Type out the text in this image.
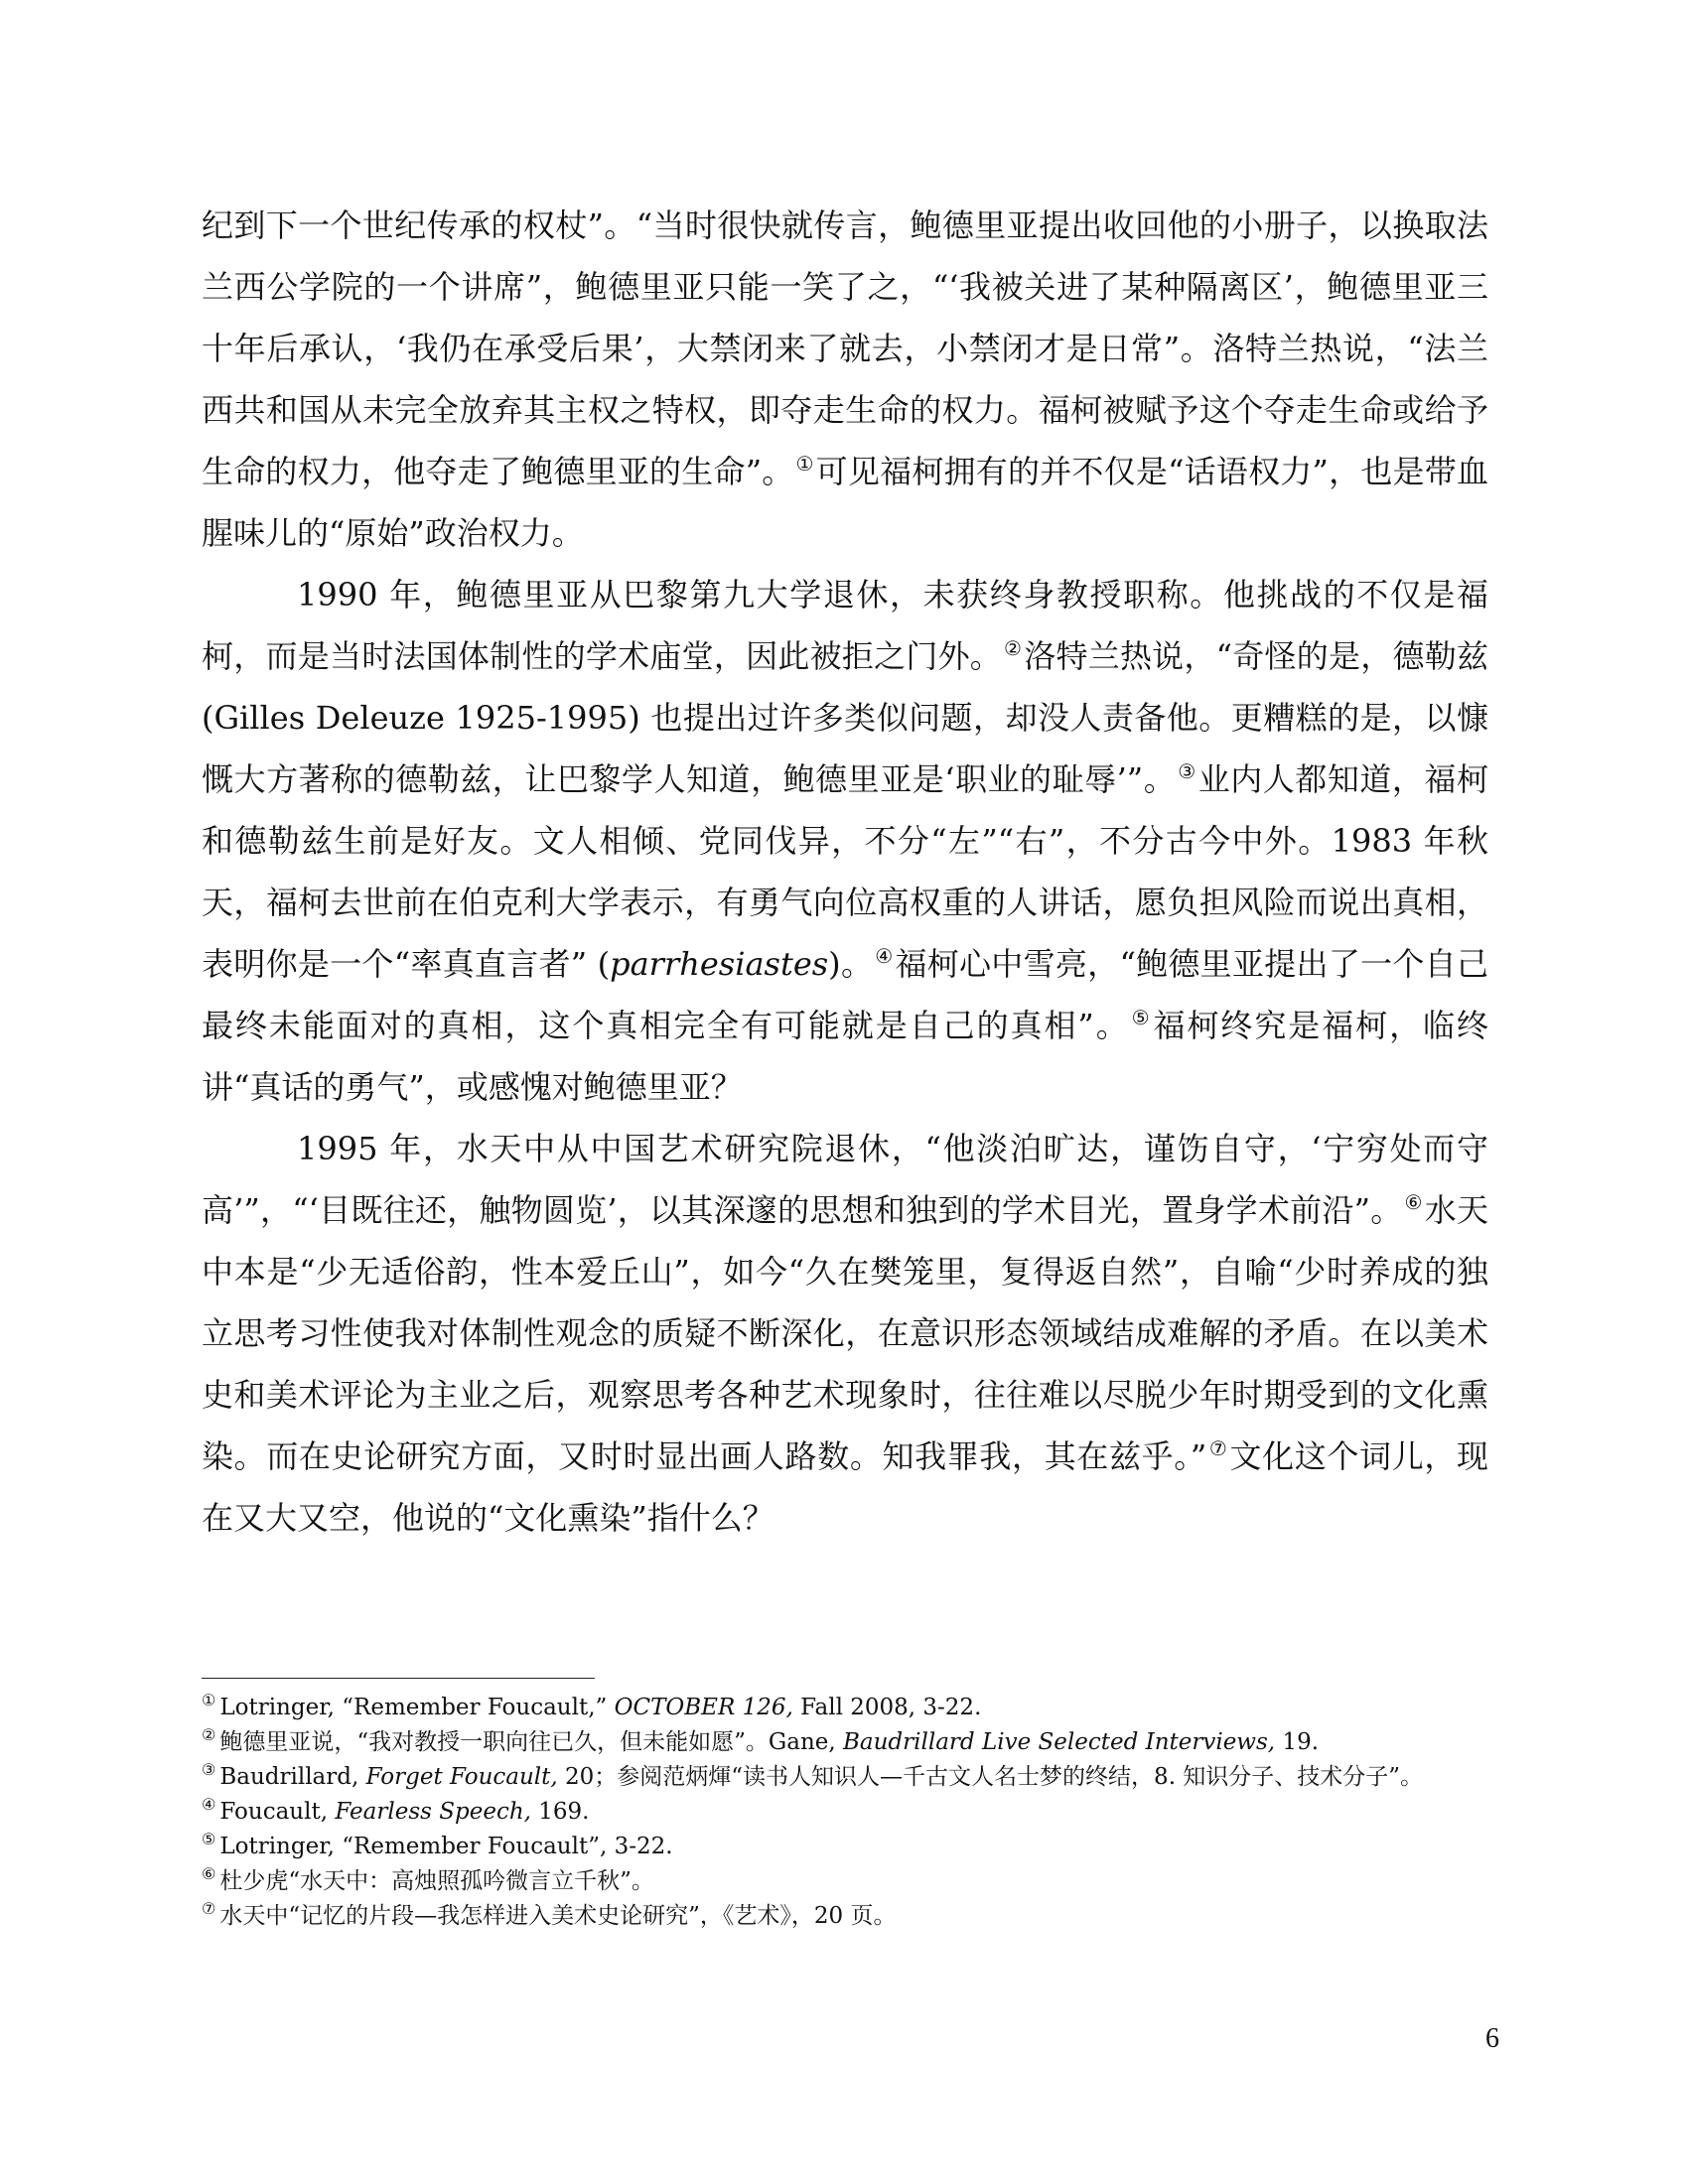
纪到下一个世纪传承的权杖”。“当时很快就传言，鲍德里亚提出收回他的小册子，以换取法兰西公学院的一个讲席”，鲍德里亚只能一笑了之，“‘我被关进了某种隔离区’，鲍德里亚三十年后承认，‘我仍在承受后果’，大禁闭来了就去，小禁闭才是日常”。洛特兰热说，“法兰西共和国从未完全放弃其主权之特权，即夺走生命的权力。福柯被赋予这个夺走生命或给予生命的权力，他夺走了鲍德里亚的生命”。 ①可见福柯拥有的并不仅是“话语权力”，也是带血腥味儿的“原始”政治权力。

1990 年，鲍德里亚从巴黎第九大学退休，未获终身教授职称。他挑战的不仅是福柯，而是当时法国体制性的学术庙堂，因此被拒之门外。 ②洛特兰热说，“奇怪的是，德勒兹 (Gilles Deleuze 1925-1995) 也提出过许多类似问题，却没人责备他。更糟糕的是，以慷慨大方著称的德勒兹，让巴黎学人知道，鲍德里亚是‘职业的耻辱’”。 ③业内人都知道，福柯和德勒兹生前是好友。文人相倾、党同伐异，不分“左”“右”，不分古今中外。1983 年秋天，福柯去世前在伯克利大学表示，有勇气向位高权重的人讲话，愿负担风险而说出真相，表明你是一个“率真直言者” (parrhesiastes)。 ④福柯心中雪亮，“鲍德里亚提出了一个自己最终未能面对的真相，这个真相完全有可能就是自己的真相”。 ⑤福柯终究是福柯，临终讲“真话的勇气”，或感愧对鲍德里亚？

1995 年，水天中从中国艺术研究院退休，“他淡泊旷达，谨饬自守，‘宁穷处而守高’”，“‘目既往还，触物圆览’，以其深邃的思想和独到的学术目光，置身学术前沿”。 ⑥水天中本是“少无适俗韵，性本爱丘山”，如今“久在樊笼里，复得返自然”，自喻“少时养成的独立思考习性使我对体制性观念的质疑不断深化，在意识形态领域结成难解的矛盾。在以美术史和美术评论为主业之后，观察思考各种艺术现象时，往往难以尽脱少年时期受到的文化熏染。而在史论研究方面，又时时显出画人路数。知我罪我，其在兹乎。” ⑦文化这个词儿，现在又大又空，他说的“文化熏染”指什么？

① Lotringer, “Remember Foucault,” OCTOBER 126, Fall 2008, 3-22.
② 鲍德里亚说，“我对教授一职向往已久，但未能如愿”。Gane, Baudrillard Live Selected Interviews, 19.
③ Baudrillard, Forget Foucault, 20；参阅范炳煇“读书人知识人—千古文人名士梦的终结，8. 知识分子、技术分子”。
④ Foucault, Fearless Speech, 169.
⑤ Lotringer, “Remember Foucault”, 3-22.
⑥ 杜少虎“水天中：高烛照孤吟微言立千秋”。
⑦ 水天中“记忆的片段—我怎样进入美术史论研究”，《艺术》，20 页。
6
